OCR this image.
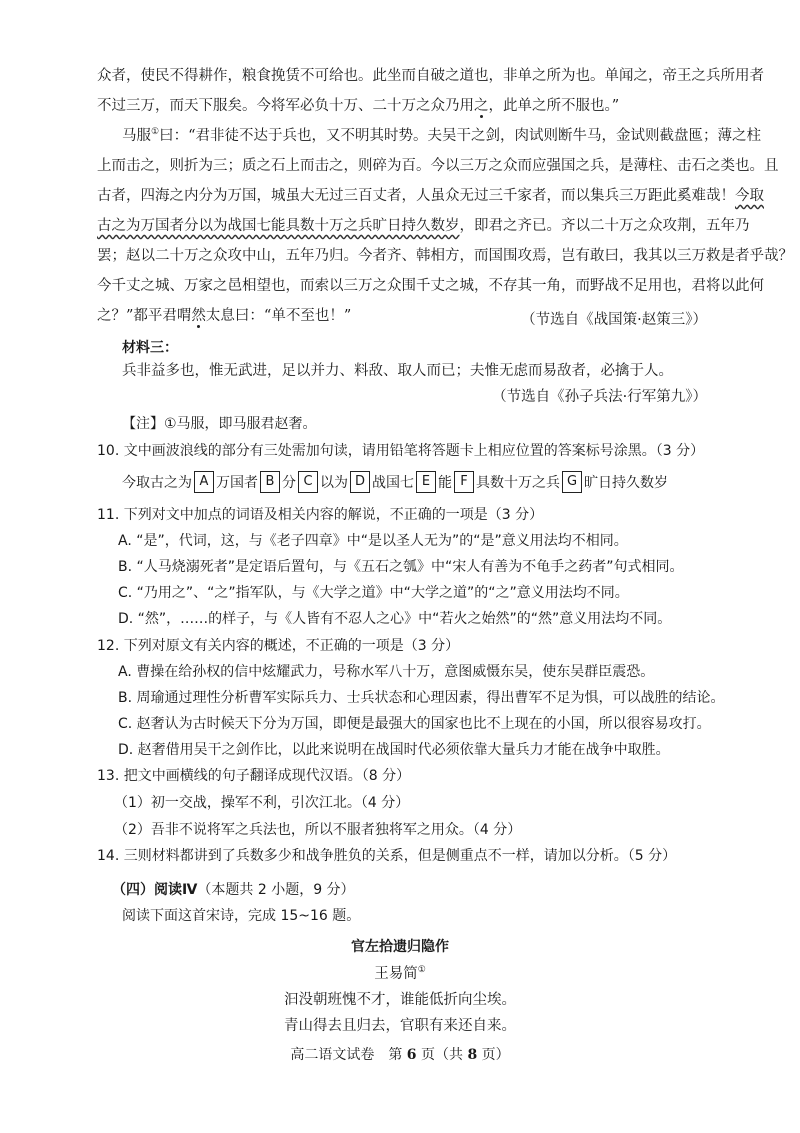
众者，使民不得耕作，粮食挽赁不可给也。此坐而自破之道也，非单之所为也。单闻之，帝王之兵所用者
不过三万，而天下服矣。今将军必负十万、二十万之众乃用之，此单之所不服也。”
马服①曰：“君非徒不达于兵也，又不明其时势。夫吴干之剑，肉试则断牛马，金试则截盘匜；薄之柱
上而击之，则折为三；质之石上而击之，则碎为百。今以三万之众而应强国之兵，是薄柱、击石之类也。且
古者，四海之内分为万国，城虽大无过三百丈者，人虽众无过三千家者，而以集兵三万距此奚难哉！今取
古之为万国者分以为战国七能具数十万之兵旷日持久数岁，即君之齐已。齐以二十万之众攻荆，五年乃
罢；赵以二十万之众攻中山，五年乃归。今者齐、韩相方，而国围攻焉，岂有敢曰，我其以三万救是者乎哉？
今千丈之城、万家之邑相望也，而索以三万之众围千丈之城，不存其一角，而野战不足用也，君将以此何
之？”都平君喟然太息曰：“单不至也！”	（节选自《战国策·赵策三》）
材料三：
兵非益多也，惟无武进，足以并力、料敌、取人而已；夫惟无虑而易敌者，必擒于人。
（节选自《孙子兵法·行军第九》）
【注】①马服，即马服君赵奢。
10. 文中画波浪线的部分有三处需加句读，请用铅笔将答题卡上相应位置的答案标号涂黑。（3 分）
今取古之为 A 万国者 B 分 C 以为 D 战国七 E 能 F 具数十万之兵 G 旷日持久数岁
11. 下列对文中加点的词语及相关内容的解说，不正确的一项是（3 分）
A. “是”，代词，这，与《老子四章》中“是以圣人无为”的“是”意义用法均不相同。
B. “人马烧溺死者”是定语后置句，与《五石之瓠》中“宋人有善为不龟手之药者”句式相同。
C. “乃用之”、“之”指军队，与《大学之道》中“大学之道”的“之”意义用法均不同。
D. “然”，……的样子，与《人皆有不忍人之心》中“若火之始然”的“然”意义用法均不同。
12. 下列对原文有关内容的概述，不正确的一项是（3 分）
A. 曹操在给孙权的信中炫耀武力，号称水军八十万，意图威慑东吴，使东吴群臣震恐。
B. 周瑜通过理性分析曹军实际兵力、士兵状态和心理因素，得出曹军不足为惧，可以战胜的结论。
C. 赵奢认为古时候天下分为万国，即便是最强大的国家也比不上现在的小国，所以很容易攻打。
D. 赵奢借用吴干之剑作比，以此来说明在战国时代必须依靠大量兵力才能在战争中取胜。
13. 把文中画横线的句子翻译成现代汉语。（8 分）
（1）初一交战，操军不利，引次江北。（4 分）
（2）吾非不说将军之兵法也，所以不服者独将军之用众。（4 分）
14. 三则材料都讲到了兵数多少和战争胜负的关系，但是侧重点不一样，请加以分析。（5 分）
（四）阅读Ⅳ（本题共 2 小题，9 分）
阅读下面这首宋诗，完成 15~16 题。
官左拾遗归隐作
王易简①
汩没朝班愧不才，谁能低折向尘埃。
青山得去且归去，官职有来还自来。
高二语文试卷　第 6 页（共 8 页）
